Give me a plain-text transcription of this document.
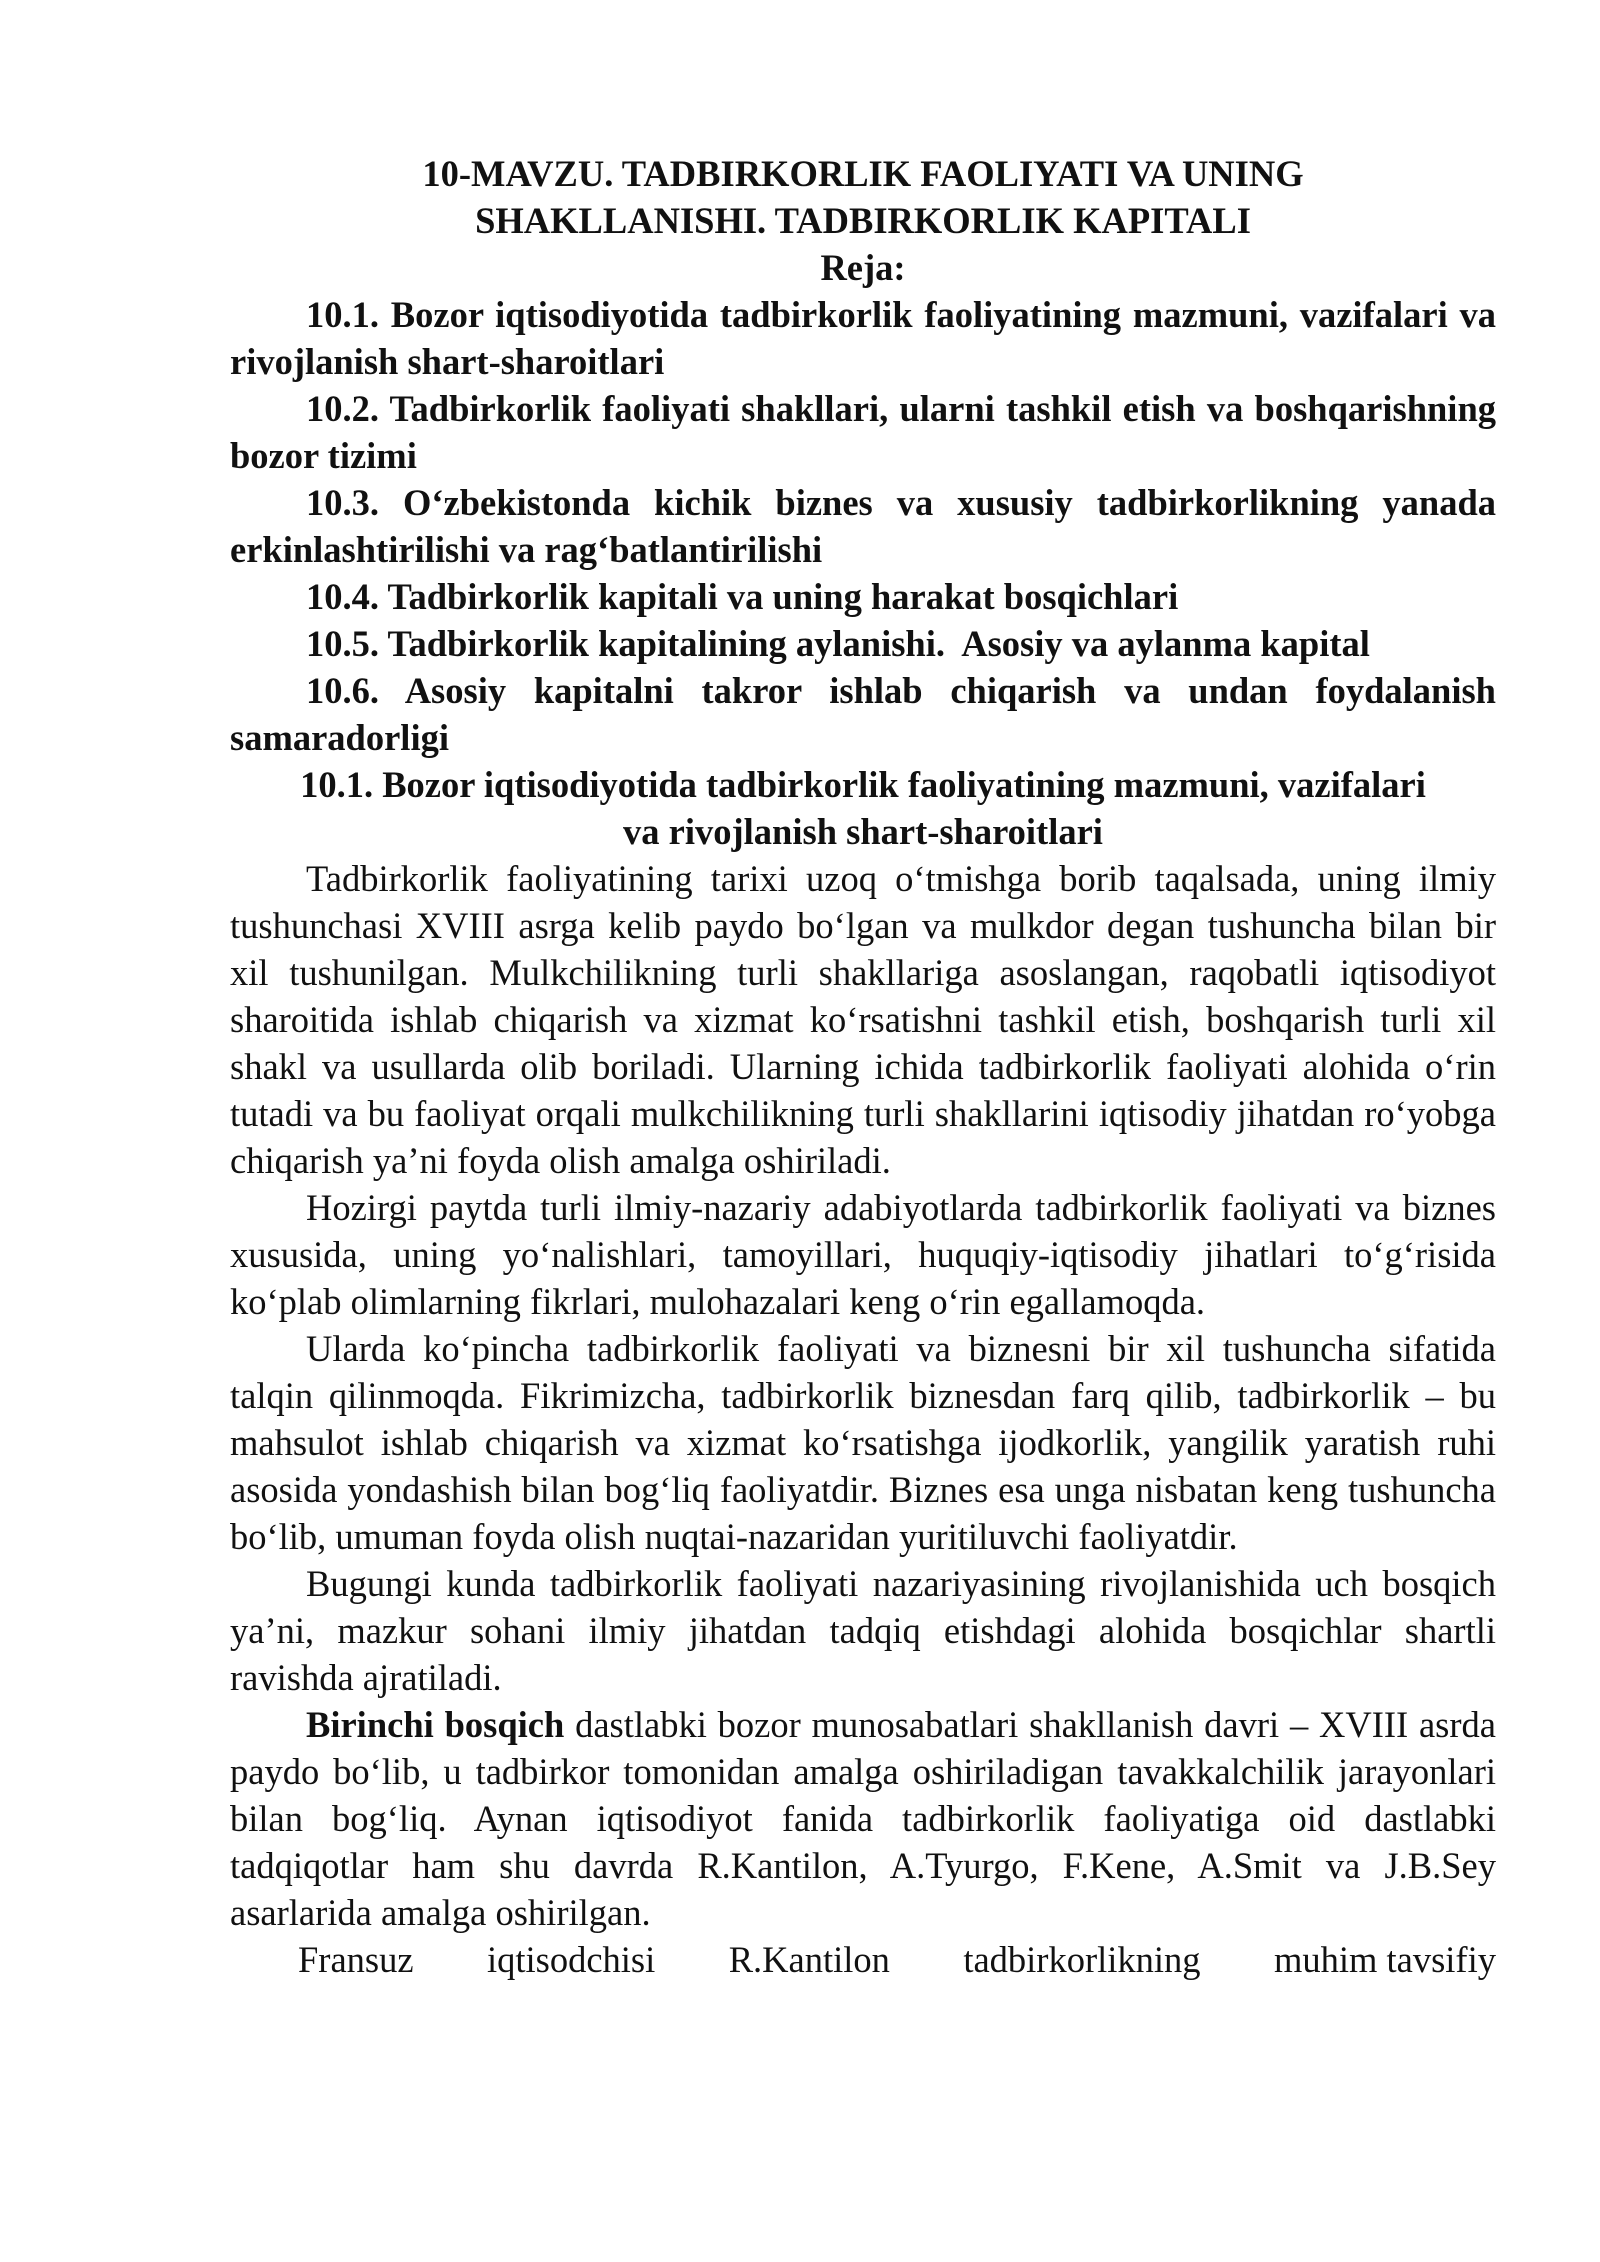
10-MAVZU. TADBIRKORLIK FAOLIYATI VA UNING
SHAKLLANISHI. TADBIRKORLIK KAPITALI
Reja:

10.1. Bozor iqtisodiyotida tadbirkorlik faoliyatining mazmuni, vazifalari va rivojlanish shart-sharoitlari

10.2. Tadbirkorlik faoliyati shakllari, ularni tashkil etish va boshqarishning bozor tizimi

10.3. O‘zbekistonda kichik biznes va xususiy tadbirkorlikning yanada erkinlashtirilishi va rag‘batlantirilishi

10.4. Tadbirkorlik kapitali va uning harakat bosqichlari

10.5. Tadbirkorlik kapitalining aylanishi.  Asosiy va aylanma kapital

10.6. Asosiy kapitalni takror ishlab chiqarish va undan foydalanish samaradorligi

10.1. Bozor iqtisodiyotida tadbirkorlik faoliyatining mazmuni, vazifalari
va rivojlanish shart-sharoitlari

Tadbirkorlik faoliyatining tarixi uzoq o‘tmishga borib taqalsada, uning ilmiy tushunchasi XVIII asrga kelib paydo bo‘lgan va mulkdor degan tushuncha bilan bir xil tushunilgan. Mulkchilikning turli shakllariga asoslangan, raqobatli iqtisodiyot sharoitida ishlab chiqarish va xizmat ko‘rsatishni tashkil etish, boshqarish turli xil shakl va usullarda olib boriladi. Ularning ichida tadbirkorlik faoliyati alohida o‘rin tutadi va bu faoliyat orqali mulkchilikning turli shakllarini iqtisodiy jihatdan ro‘yobga chiqarish ya’ni foyda olish amalga oshiriladi.

Hozirgi paytda turli ilmiy-nazariy adabiyotlarda tadbirkorlik faoliyati va biznes xususida, uning yo‘nalishlari, tamoyillari, huquqiy-iqtisodiy jihatlari to‘g‘risida ko‘plab olimlarning fikrlari, mulohazalari keng o‘rin egallamoqda.

Ularda ko‘pincha tadbirkorlik faoliyati va biznesni bir xil tushuncha sifatida talqin qilinmoqda. Fikrimizcha, tadbirkorlik biznesdan farq qilib, tadbirkorlik – bu mahsulot ishlab chiqarish va xizmat ko‘rsatishga ijodkorlik, yangilik yaratish ruhi asosida yondashish bilan bog‘liq faoliyatdir. Biznes esa unga nisbatan keng tushuncha bo‘lib, umuman foyda olish nuqtai-nazaridan yuritiluvchi faoliyatdir.

Bugungi kunda tadbirkorlik faoliyati nazariyasining rivojlanishida uch bosqich ya’ni, mazkur sohani ilmiy jihatdan tadqiq etishdagi alohida bosqichlar shartli ravishda ajratiladi.

Birinchi bosqich dastlabki bozor munosabatlari shakllanish davri – XVIII asrda paydo bo‘lib, u tadbirkor tomonidan amalga oshiriladigan tavakkalchilik jarayonlari bilan bog‘liq. Aynan iqtisodiyot fanida tadbirkorlik faoliyatiga oid dastlabki tadqiqotlar ham shu davrda R.Kantilon, A.Tyurgo, F.Kene, A.Smit va J.B.Sey asarlarida amalga oshirilgan.

Fransuz iqtisodchisi R.Kantilon tadbirkorlikning muhim tavsifiy
